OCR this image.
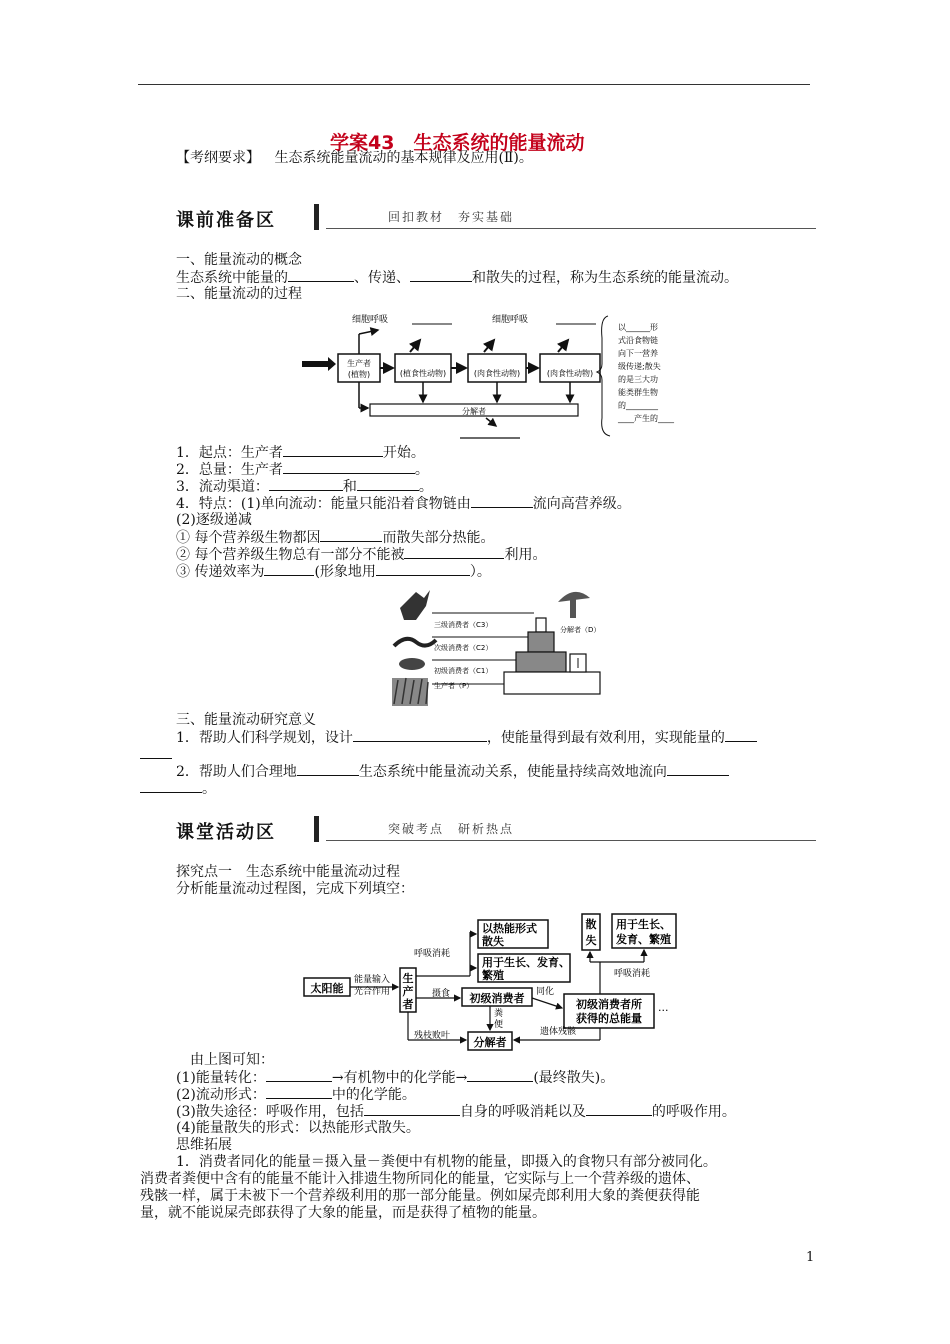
学案43　生态系统的能量流动
【考纲要求】 生态系统能量流动的基本规律及应用(Ⅱ)。
课前准备区	回扣教材　夯实基础
一、能量流动的概念
生态系统中能量的	、传递、	和散失的过程，称为生态系统的能量流动。
二、能量流动的过程
细胞呼吸	细胞呼吸
生产者
(植物)	(植食性动物)	(肉食性动物)	(肉食性动物)
分解者
以______形
式沿食物链
向下一营养
级传递;散失
的是三大功
能类群生物
的________
____产生的____
1．起点：生产者	开始。
2．总量：生产者	。
3．流动渠道：	和	。
4．特点：(1)单向流动：能量只能沿着食物链由	流向高营养级。
(2)逐级递减
① 每个营养级生物都因	而散失部分热能。
② 每个营养级生物总有一部分不能被	利用。
③ 传递效率为	(形象地用	）。
三级消费者（C3）
次级消费者（C2）
初级消费者（C1）
生产者（P）
分解者（D）
三、能量流动研究意义
1．帮助人们科学规划，设计	，使能量得到最有效利用，实现能量的
2．帮助人们合理地	生态系统中能量流动关系，使能量持续高效地流向
。
课堂活动区	突破考点　研析热点
探究点一　生态系统中能量流动过程
分析能量流动过程图，完成下列填空：
太阳能
生
产
者
以热能形式
散失
用于生长、发育、
繁殖
初级消费者	初级消费者所
获得的总能量
分解者
散
失
用于生长、
发育、繁殖
能量输入
光合作用
呼吸消耗
摄食	同化
粪
便
残枝败叶	遗体残骸
呼吸消耗
···
由上图可知：
(1)能量转化：	→有机物中的化学能→	(最终散失)。
(2)流动形式：	中的化学能。
(3)散失途径：呼吸作用，包括	自身的呼吸消耗以及	的呼吸作用。
(4)能量散失的形式：以热能形式散失。
思维拓展
1．消费者同化的能量＝摄入量－粪便中有机物的能量，即摄入的食物只有部分被同化。
消费者粪便中含有的能量不能计入排遗生物所同化的能量，它实际与上一个营养级的遗体、
残骸一样，属于未被下一个营养级利用的那一部分能量。例如屎壳郎利用大象的粪便获得能
量，就不能说屎壳郎获得了大象的能量，而是获得了植物的能量。
1
